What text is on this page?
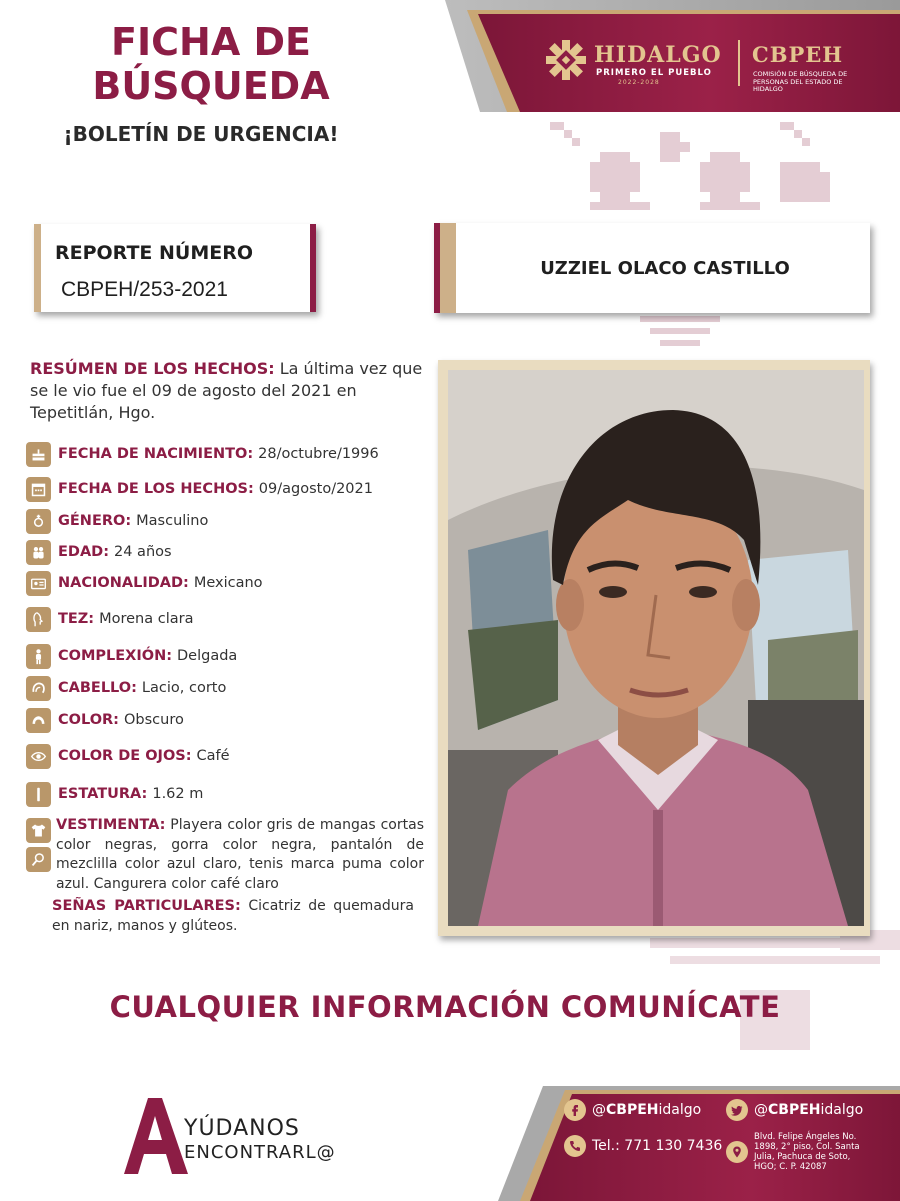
FICHA DE BÚSQUEDA
¡BOLETÍN DE URGENCIA!
HIDALGO
PRIMERO EL PUEBLO
2022-2028
CBPEH
COMISIÓN DE BÚSQUEDA DE PERSONAS DEL ESTADO DE HIDALGO
REPORTE NÚMERO
CBPEH/253-2021
UZZIEL OLACO CASTILLO
RESÚMEN DE LOS HECHOS: La última vez que se le vio fue el 09 de agosto del 2021 en Tepetitlán, Hgo.
FECHA DE NACIMIENTO: 28/octubre/1996
FECHA DE LOS HECHOS: 09/agosto/2021
GÉNERO: Masculino
EDAD: 24 años
NACIONALIDAD: Mexicano
TEZ: Morena clara
COMPLEXIÓN: Delgada
CABELLO: Lacio, corto
COLOR: Obscuro
COLOR DE OJOS: Café
ESTATURA: 1.62 m
VESTIMENTA: Playera color gris de mangas cortas color negras, gorra color negra, pantalón de mezclilla color azul claro, tenis marca puma color azul. Cangurera color café claro
SEÑAS PARTICULARES: Cicatriz de quemadura en nariz, manos y glúteos.
CUALQUIER INFORMACIÓN COMUNÍCATE
YÚDANOS
ENCONTRARL@
@ CBPEH idalgo	@ CBPEH idalgo
Tel.: 771 130 7436
Blvd. Felipe Ángeles No. 1898, 2° piso, Col. Santa Julia, Pachuca de Soto, HGO; C. P. 42087
